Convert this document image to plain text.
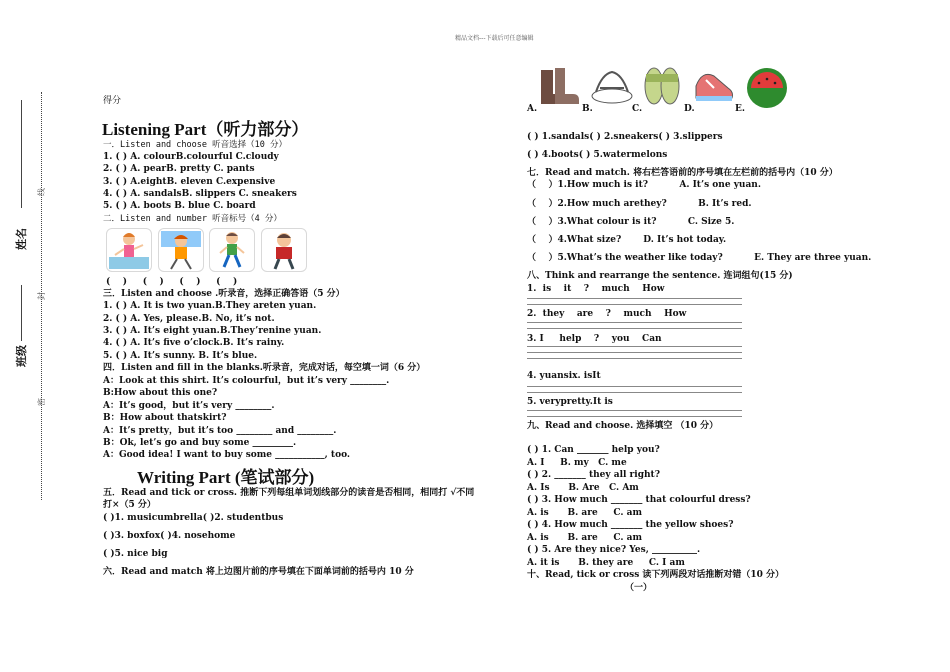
精品文档---下载后可任意编辑
姓名
班级
线
封
密
得分
Listening Part（听力部分）
一．Listen and choose 听音选择（10 分）
1. ( ) A. colourB.colourful C.cloudy
2. ( ) A. pearB. pretty C. pants
3. ( ) A.eightB. eleven C.expensive
4. ( ) A. sandalsB. slippers C. sneakers
5. ( ) A. boots B. blue C. board
二．Listen and number 听音标号（4 分）
(    )     (    )     (    )     (    )
三．Listen and choose .听录音，选择正确答语（5 分）
1. ( ) A. It is two yuan.B.They areten yuan.
2. ( ) A. Yes, please.B. No, it’s not.
3. ( ) A. It’s eight yuan.B.They’renine yuan.
4. ( ) A. It’s five o’clock.B. It’s rainy.
5. ( ) A. It’s sunny. B. It’s blue.
四．Listen and fill in the blanks.听录音，完成对话，每空填一词（6 分）
A：Look at this shirt. It’s colourful，but it’s very ________.
B:How about this one?
A：It’s good，but it’s very ________.
B：How about thatskirt?
A：It’s pretty，but it’s too ________ and ________.
B：Ok, let’s go and buy some _________.
A：Good idea! I want to buy some ___________, too.
Writing Part (笔试部分)
五．Read and tick or cross. 推断下列每组单词划线部分的读音是否相同，相同打 √不同
打×（5 分）
( )1. musicumbrella( )2. studentbus
( )3. boxfox( )4. nosehome
( )5. nice big
六．Read and match 将上边图片前的序号填在下面单词前的括号内 10 分
A.	B.	C.	D.	E.
( ) 1.sandals( ) 2.sneakers( ) 3.slippers
( ) 4.boots( ) 5.watermelons
七．Read and match. 将右栏答语前的序号填在左栏前的括号内（10 分）
（    ）1.How much is it?          A. It’s one yuan.
（    ）2.How much arethey?          B. It’s red.
（    ）3.What colour is it?          C. Size 5.
（    ）4.What size?       D. It’s hot today.
（    ）5.What’s the weather like today?          E. They are three yuan.
八、Think and rearrange the sentence. 连词组句(15 分)
1.  is    it    ?    much    How
2.  they    are    ?    much    How
3. I     help    ?    you    Can
4. yuansix. isIt
5. verypretty.It is
九、Read and choose. 选择填空 （10 分）
( ) 1. Can _______ help you?
A. I     B. my   C. me
( ) 2. _______ they all right?
A. Is      B. Are   C. Am
( ) 3. How much _______ that colourful dress?
A. is      B. are     C. am
( ) 4. How much _______ the yellow shoes?
A. is      B. are     C. am
( ) 5. Are they nice? Yes, __________.
A. it is      B. they are     C. I am
十、Read, tick or cross 读下列两段对话推断对错（10 分）
（一）
